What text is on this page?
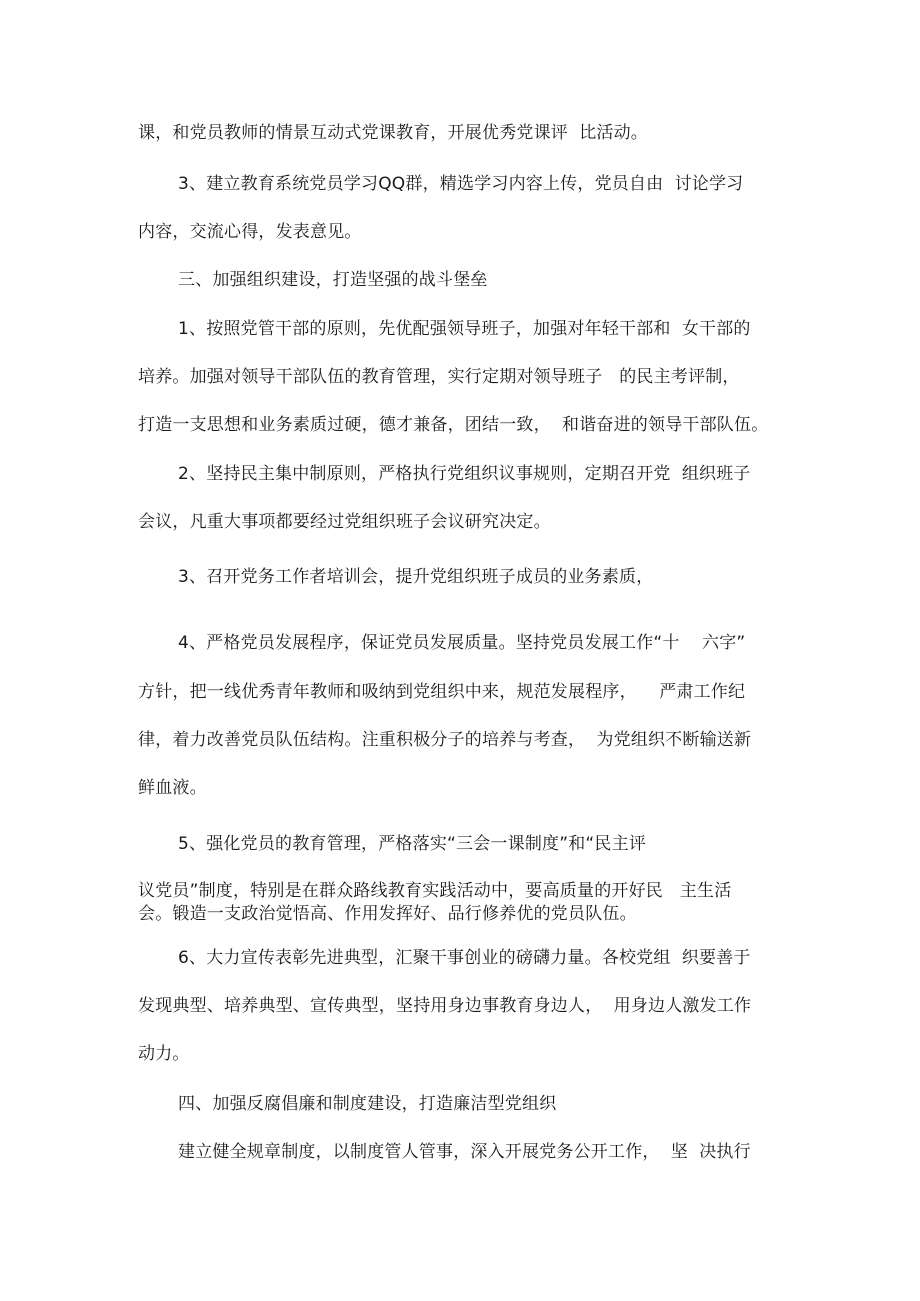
课，和党员教师的情景互动式党课教育，开展优秀党课评  比活动。
3、建立教育系统党员学习QQ群，精选学习内容上传，党员自由  讨论学习
内容，交流心得，发表意见。
三、加强组织建设，打造坚强的战斗堡垒
1、按照党管干部的原则，先优配强领导班子，加强对年轻干部和  女干部的
培养。加强对领导干部队伍的教育管理，实行定期对领导班子   的民主考评制，
打造一支思想和业务素质过硬，德才兼备，团结一致，  和谐奋进的领导干部队伍。
2、坚持民主集中制原则，严格执行党组织议事规则，定期召开党  组织班子
会议，凡重大事项都要经过党组织班子会议研究决定。
3、召开党务工作者培训会，提升党组织班子成员的业务素质，
4、严格党员发展程序，保证党员发展质量。坚持党员发展工作“十    六字”
方针，把一线优秀青年教师和吸纳到党组织中来，规范发展程序，    严肃工作纪
律，着力改善党员队伍结构。注重积极分子的培养与考查，  为党组织不断输送新
鲜血液。
5、强化党员的教育管理，严格落实“三会一课制度”和“民主评
议党员”制度，特别是在群众路线教育实践活动中，要高质量的开好民   主生活
会。锻造一支政治觉悟高、作用发挥好、品行修养优的党员队伍。
6、大力宣传表彰先进典型，汇聚干事创业的磅礴力量。各校党组  织要善于
发现典型、培养典型、宣传典型，坚持用身边事教育身边人，  用身边人激发工作
动力。
四、加强反腐倡廉和制度建设，打造廉洁型党组织
建立健全规章制度，以制度管人管事，深入开展党务公开工作，  坚  决执行
